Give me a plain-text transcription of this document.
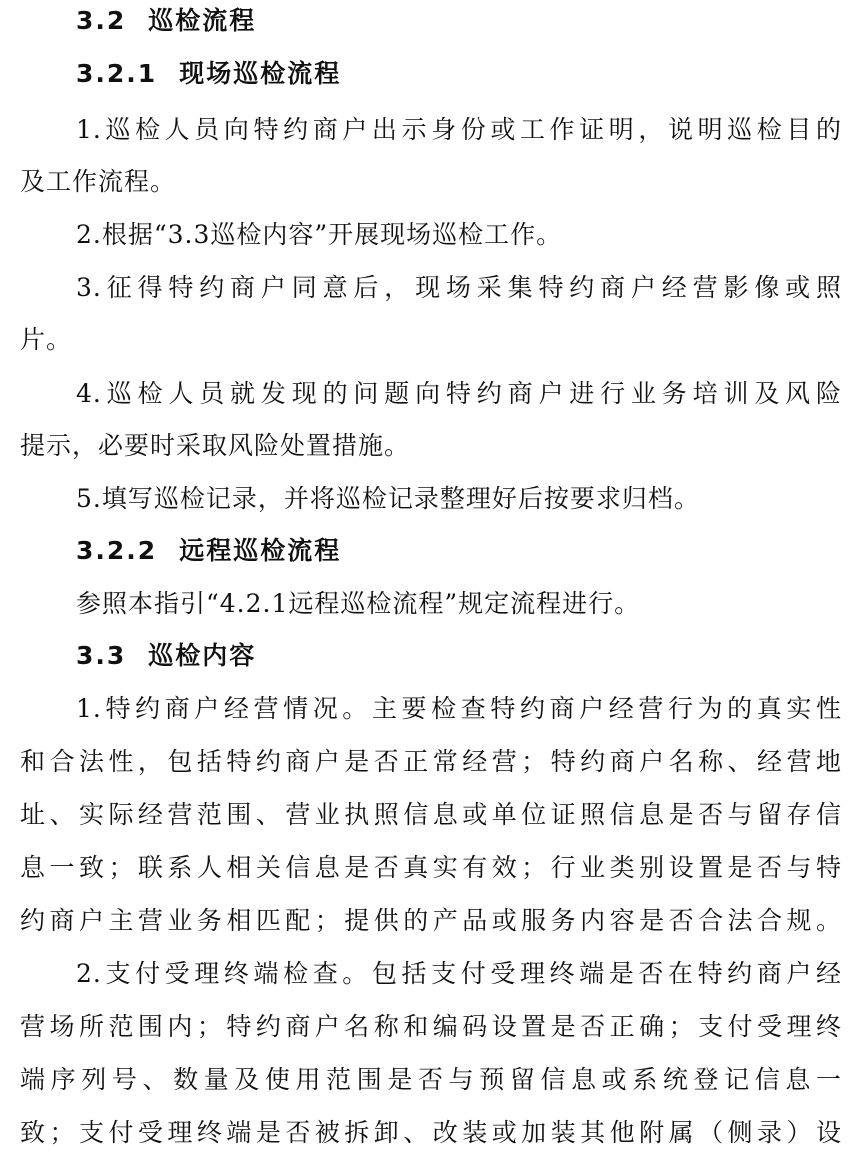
3.2 巡检流程
3.2.1 现场巡检流程
1.巡检人员向特约商户出示身份或工作证明，说明巡检目的
及工作流程。
2.根据“3.3巡检内容”开展现场巡检工作。
3.征得特约商户同意后，现场采集特约商户经营影像或照
片。
4.巡检人员就发现的问题向特约商户进行业务培训及风险
提示，必要时采取风险处置措施。
5.填写巡检记录，并将巡检记录整理好后按要求归档。
3.2.2 远程巡检流程
参照本指引“4.2.1远程巡检流程”规定流程进行。
3.3 巡检内容
1.特约商户经营情况。主要检查特约商户经营行为的真实性
和合法性，包括特约商户是否正常经营；特约商户名称、经营地
址、实际经营范围、营业执照信息或单位证照信息是否与留存信
息一致；联系人相关信息是否真实有效；行业类别设置是否与特
约商户主营业务相匹配；提供的产品或服务内容是否合法合规。
2.支付受理终端检查。包括支付受理终端是否在特约商户经
营场所范围内；特约商户名称和编码设置是否正确；支付受理终
端序列号、数量及使用范围是否与预留信息或系统登记信息一
致；支付受理终端是否被拆卸、改装或加装其他附属（侧录）设
